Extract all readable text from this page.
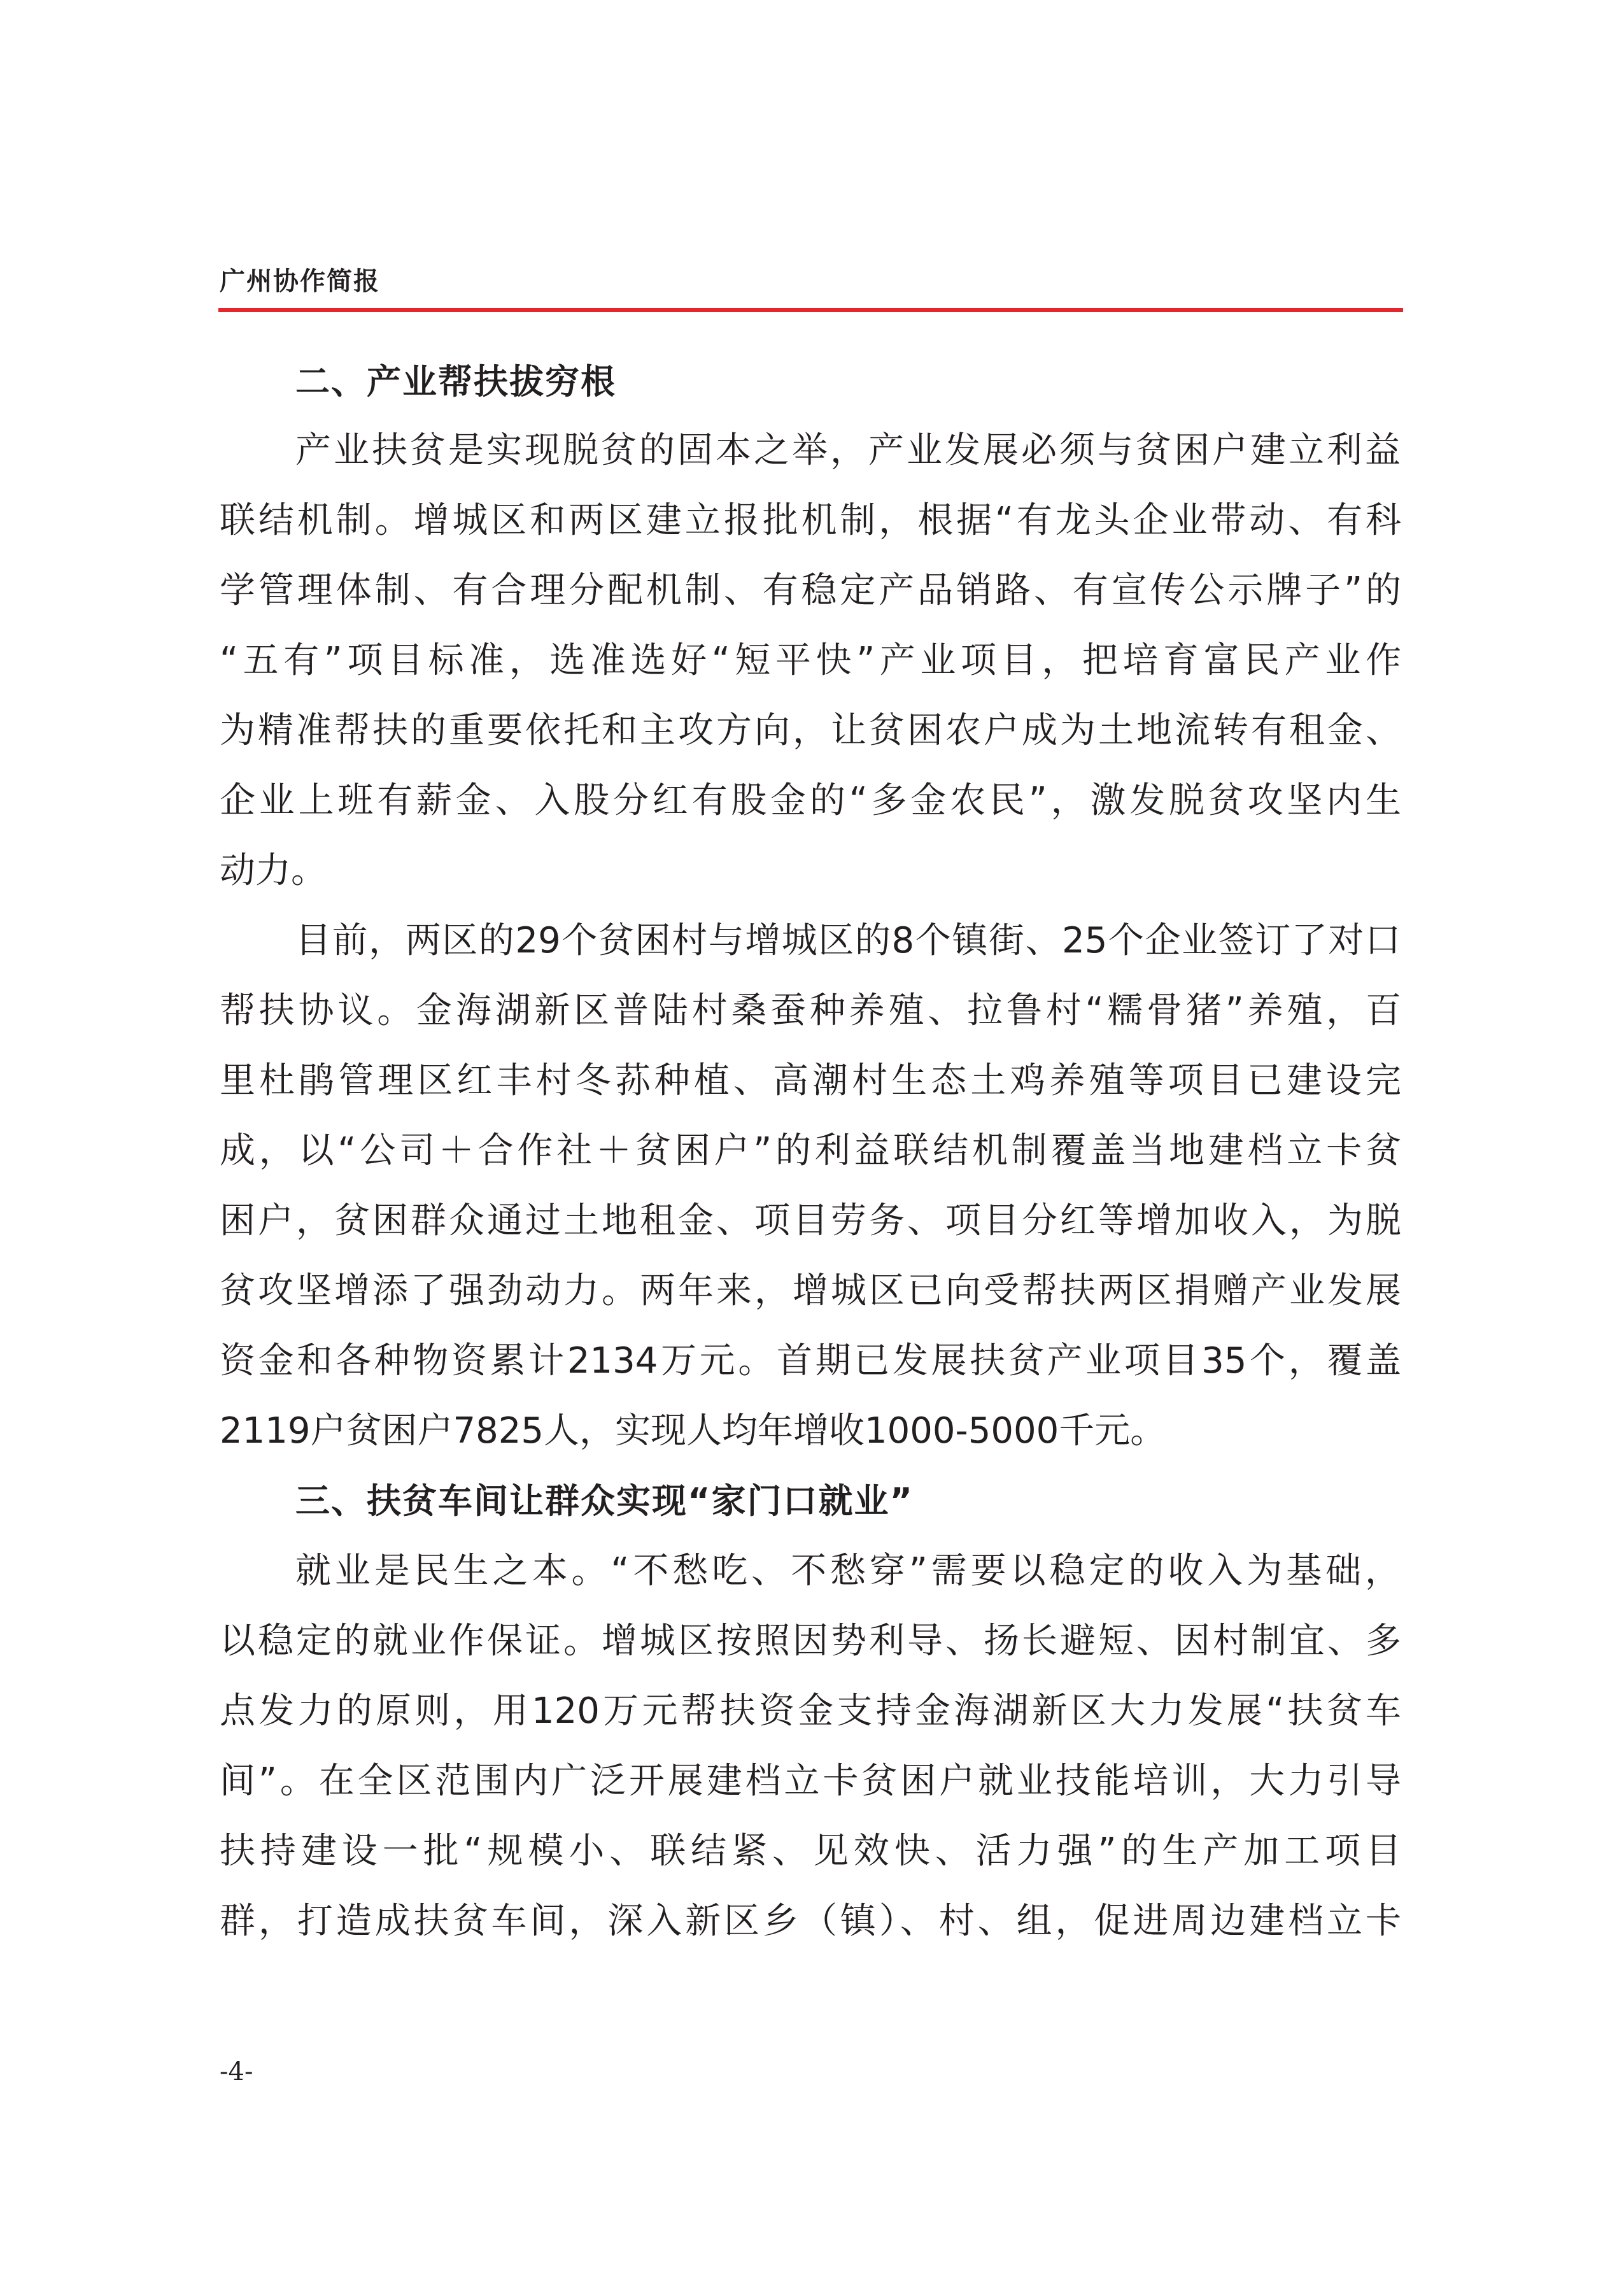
广州协作简报
二、产业帮扶拔穷根
产业扶贫是实现脱贫的固本之举，产业发展必须与贫困户建立利益
联结机制。增城区和两区建立报批机制，根据“有龙头企业带动、有科
学管理体制、有合理分配机制、有稳定产品销路、有宣传公示牌子”的
“五有”项目标准，选准选好“短平快”产业项目，把培育富民产业作
为精准帮扶的重要依托和主攻方向，让贫困农户成为土地流转有租金、
企业上班有薪金、入股分红有股金的“多金农民”，激发脱贫攻坚内生
动力。
目前，两区的29个贫困村与增城区的8个镇街、25个企业签订了对口
帮扶协议。金海湖新区普陆村桑蚕种养殖、拉鲁村“糯骨猪”养殖，百
里杜鹃管理区红丰村冬荪种植、高潮村生态土鸡养殖等项目已建设完
成，以“公司＋合作社＋贫困户”的利益联结机制覆盖当地建档立卡贫
困户，贫困群众通过土地租金、项目劳务、项目分红等增加收入，为脱
贫攻坚增添了强劲动力。两年来，增城区已向受帮扶两区捐赠产业发展
资金和各种物资累计2134万元。首期已发展扶贫产业项目35个，覆盖
2119户贫困户7825人，实现人均年增收1000-5000千元。
三、扶贫车间让群众实现“家门口就业”
就业是民生之本。“不愁吃、不愁穿”需要以稳定的收入为基础，
以稳定的就业作保证。增城区按照因势利导、扬长避短、因村制宜、多
点发力的原则，用120万元帮扶资金支持金海湖新区大力发展“扶贫车
间”。在全区范围内广泛开展建档立卡贫困户就业技能培训，大力引导
扶持建设一批“规模小、联结紧、见效快、活力强”的生产加工项目
群，打造成扶贫车间，深入新区乡（镇）、村、组，促进周边建档立卡
-4-
